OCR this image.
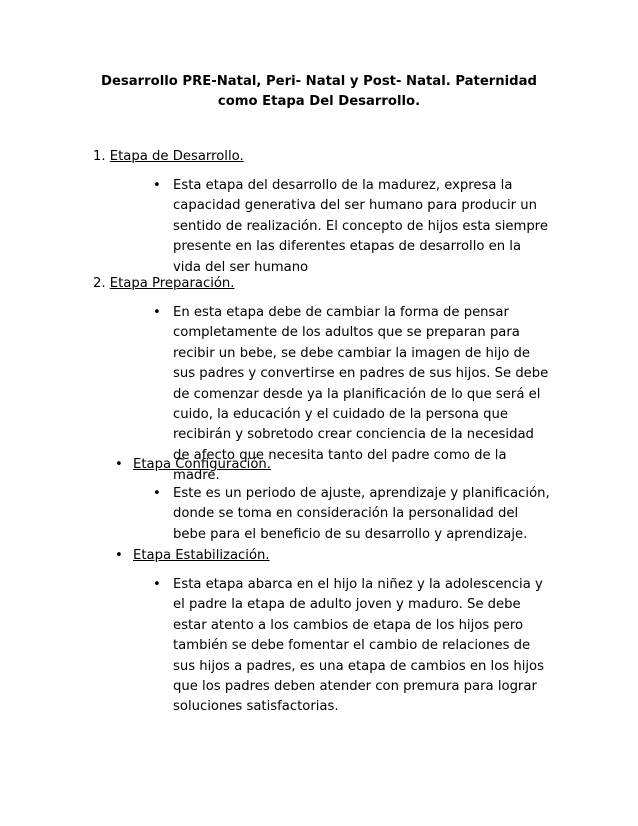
Desarrollo PRE-Natal, Peri- Natal y Post- Natal. Paternidad
como Etapa Del Desarrollo.
1. Etapa de Desarrollo.
• Esta etapa del desarrollo de la madurez, expresa la capacidad generativa del ser humano para producir un sentido de realización. El concepto de hijos esta siempre presente en las diferentes etapas de desarrollo en la vida del ser humano
2. Etapa Preparación.
• En esta etapa debe de cambiar la forma de pensar completamente de los adultos que se preparan para recibir un bebe, se debe cambiar la imagen de hijo de sus padres y convertirse en padres de sus hijos. Se debe de comenzar desde ya la planificación de lo que será el cuido, la educación y el cuidado de la persona que recibirán y sobretodo crear conciencia de la necesidad de afecto que necesita tanto del padre como de la madre.
• Etapa Configuración.
• Este es un periodo de ajuste, aprendizaje y planificación, donde se toma en consideración la personalidad del bebe para el beneficio de su desarrollo y aprendizaje.
• Etapa Estabilización.
• Esta etapa abarca en el hijo la niñez y la adolescencia y el padre la etapa de adulto joven y maduro. Se debe estar atento a los cambios de etapa de los hijos pero también se debe fomentar el cambio de relaciones de sus hijos a padres, es una etapa de cambios en los hijos que los padres deben atender con premura para lograr soluciones satisfactorias.
